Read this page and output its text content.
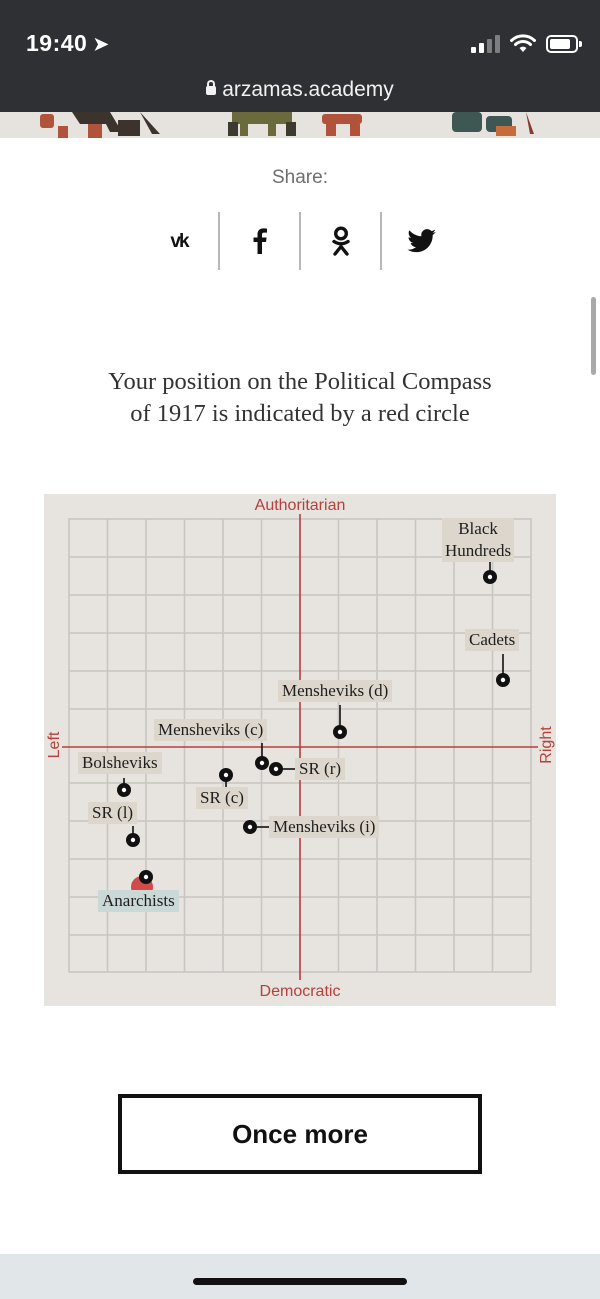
19:40 ➤
arzamas.academy
Share:
vk
Your position on the Political Compass
of 1917 is indicated by a red circle
Authoritarian
Democratic
Left	Right
Black
Hundreds
Cadets
Mensheviks (d)
Mensheviks (c)
SR (r)
Bolsheviks
SR (c)
SR (l)
Mensheviks (i)
Anarchists
Once more
